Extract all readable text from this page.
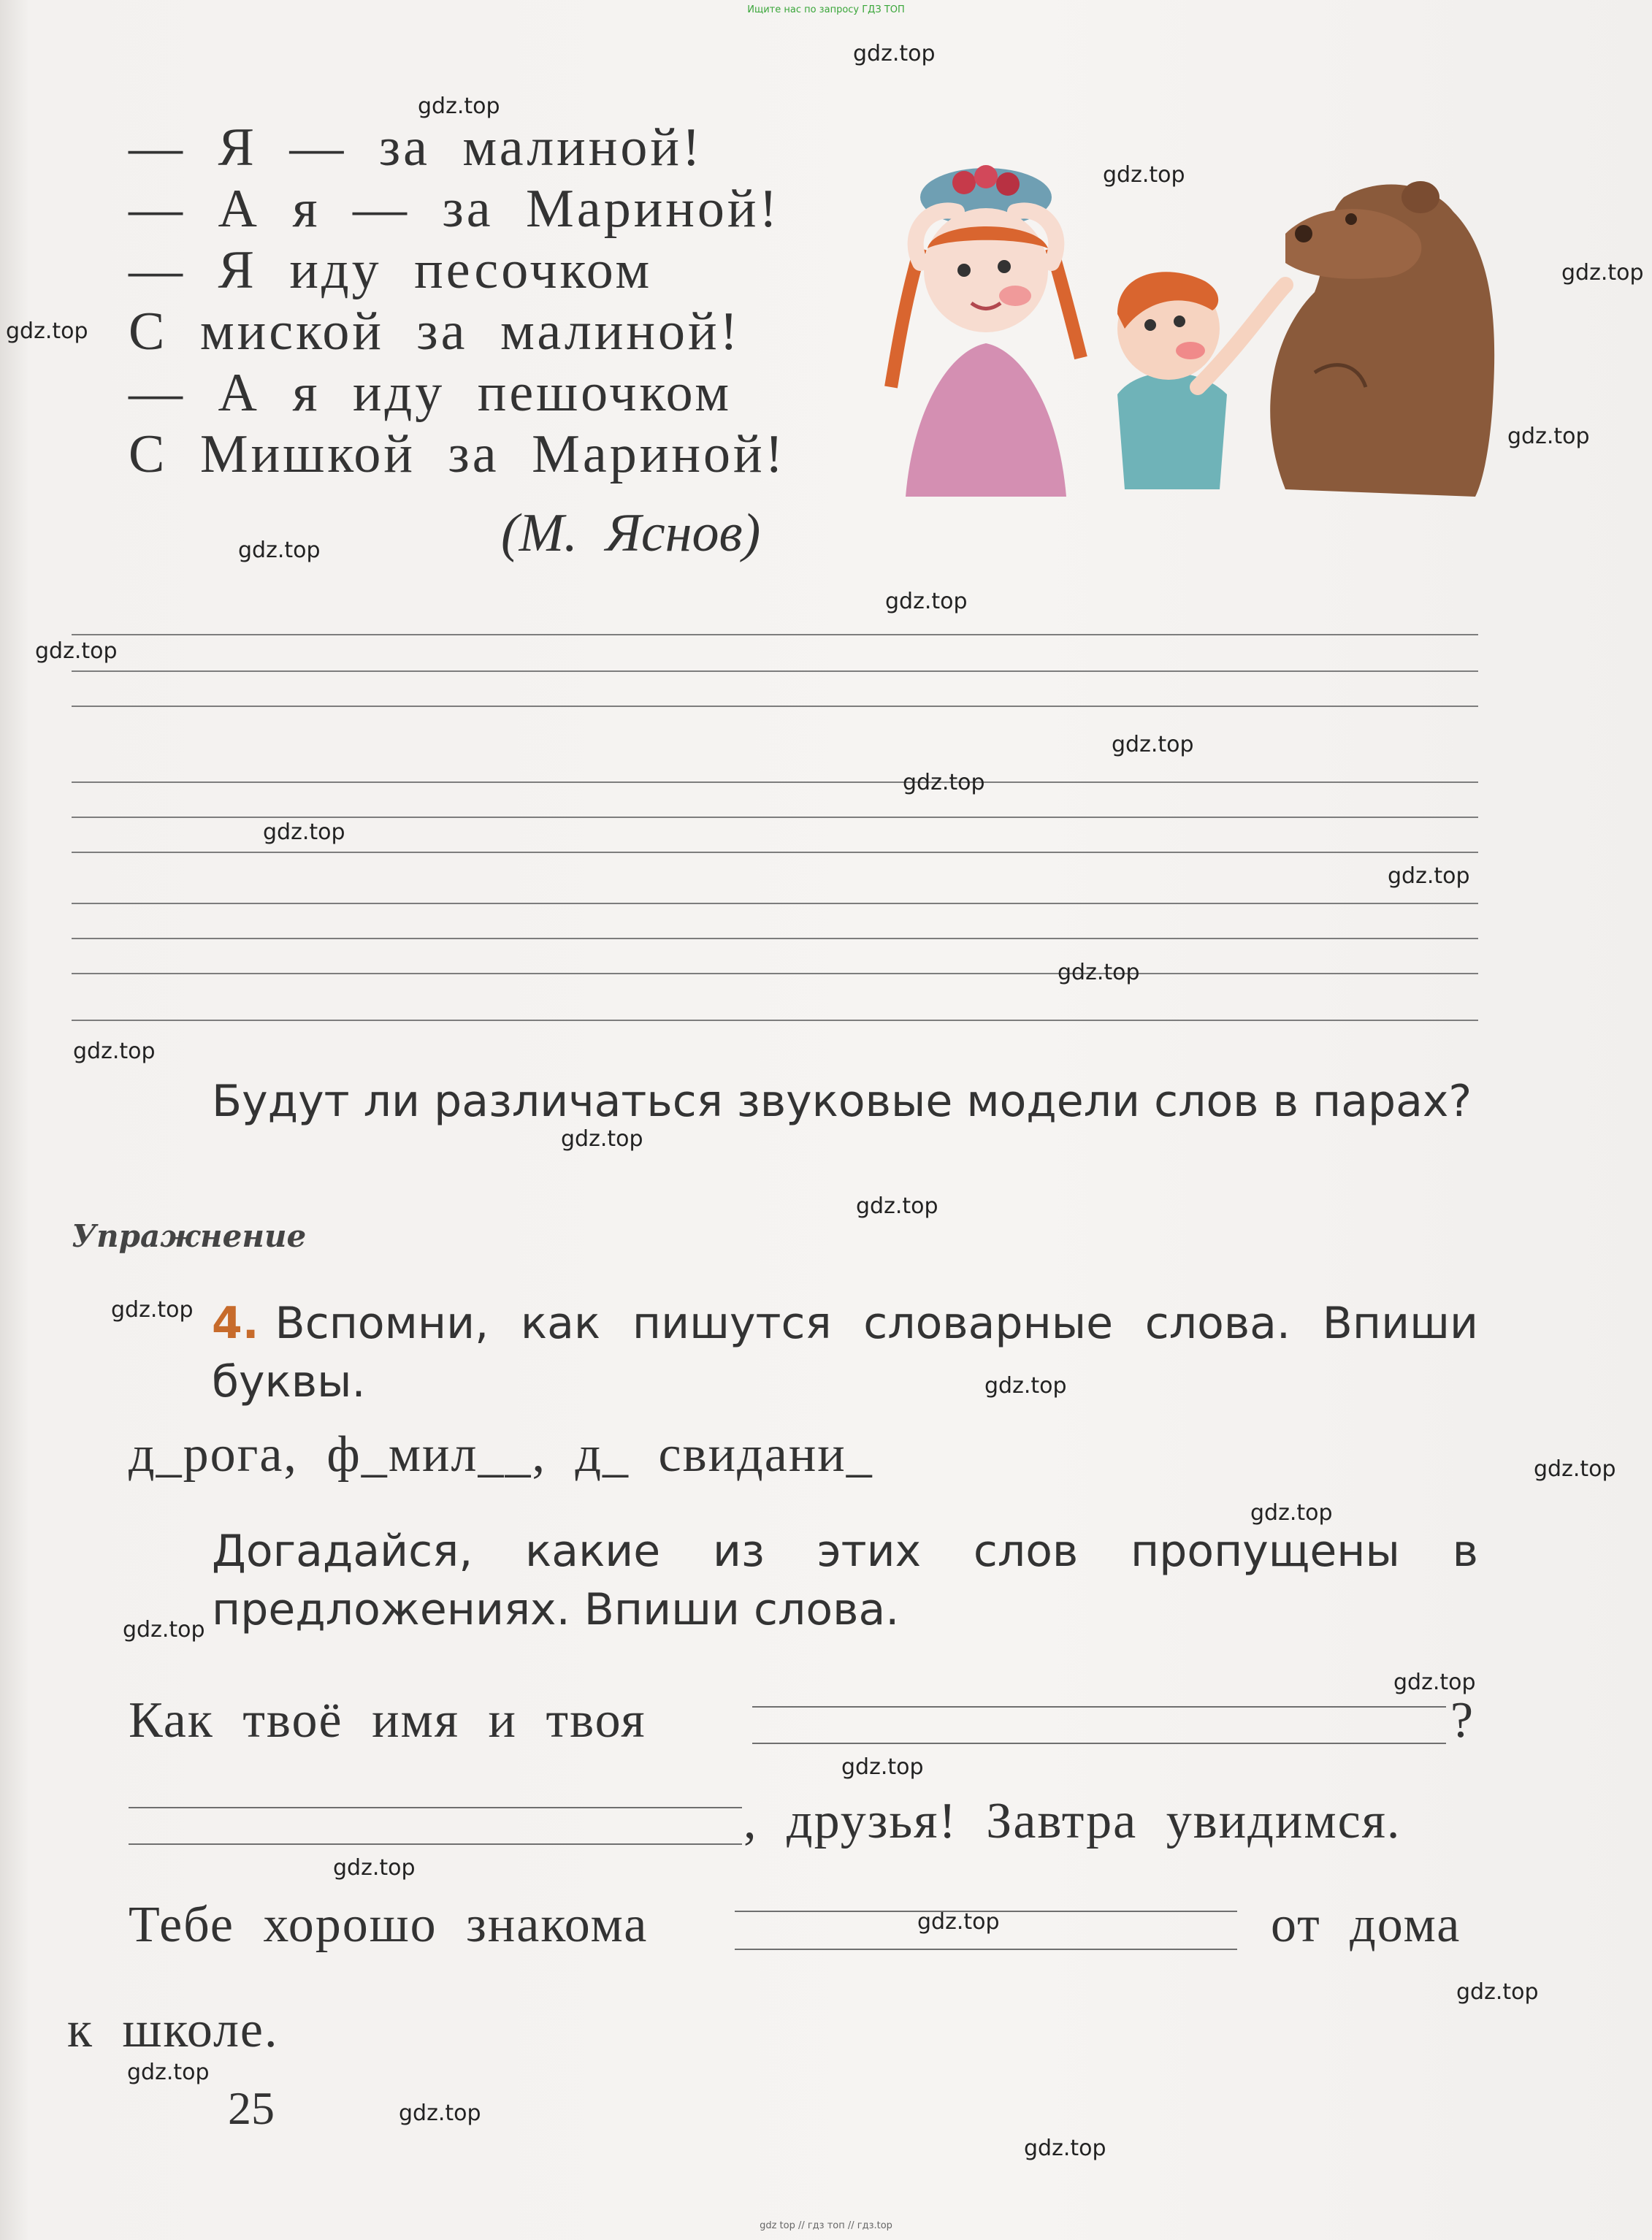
Ищите нас по запросу ГДЗ ТОП

— Я — за малиной!
— А я — за Мариной!
— Я иду песочком
С миской за малиной!
— А я иду пешочком
С Мишкой за Мариной!
(М. Яснов)
Будут ли различаться звуковые модели слов в парах?
Упражнение
4. Вспомни, как пишутся словарные слова. Впиши буквы.
д_рога, ф_мил__, д_ свидани_
Догадайся, какие из этих слов пропущены в предложениях. Впиши слова.
Как твоё имя и твоя	?
, друзья! Завтра увидимся.
Тебе хорошо знакома	от дома
к школе.
25
gdz.top
gdz.top
gdz.top
gdz.top
gdz.top
gdz.top
gdz.top
gdz.top
gdz.top
gdz.top
gdz.top
gdz.top
gdz.top
gdz.top
gdz.top
gdz.top
gdz.top
gdz.top
gdz.top
gdz.top
gdz.top
gdz.top
gdz.top
gdz.top
gdz.top
gdz.top
gdz.top
gdz.top
gdz.top
gdz.top
gdz top // гдз топ // гдз.top
